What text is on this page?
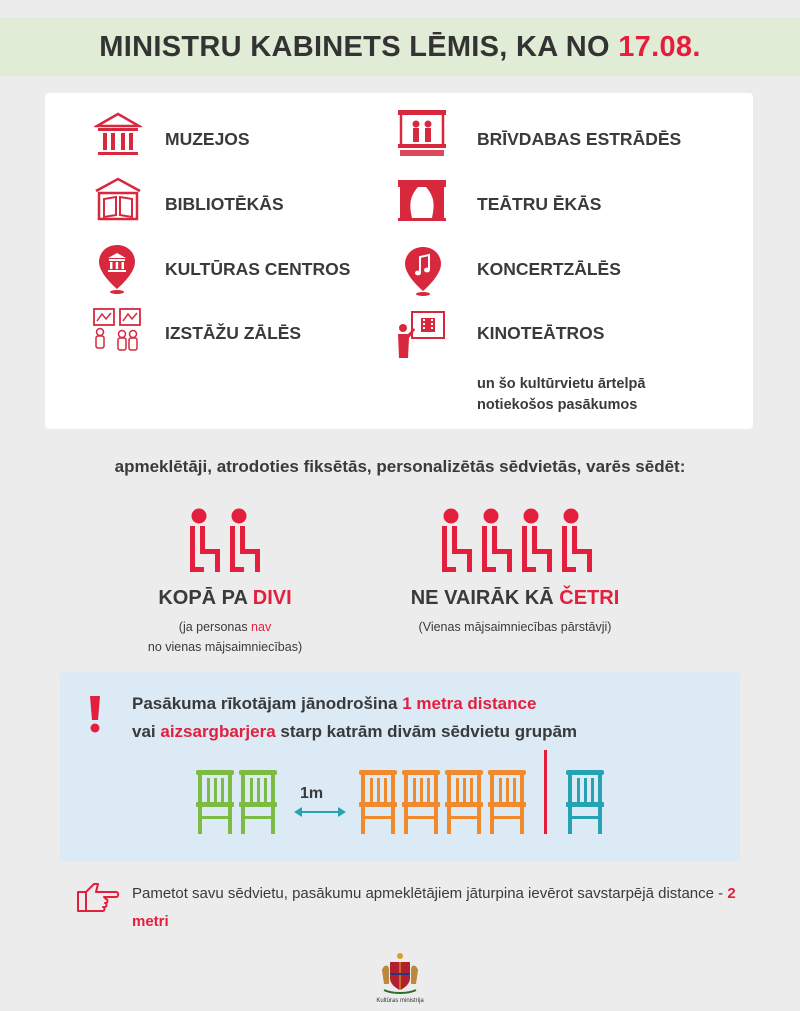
MINISTRU KABINETS LĒMIS, KA NO 17.08.
MUZEJOS
BIBLIOTĒKĀS
KULTŪRAS CENTROS
IZSTĀŽU ZĀLĒS
BRĪVDABAS ESTRĀDĒS
TEĀTRU ĒKĀS
KONCERTZĀLĒS
KINOTEĀTROS
un šo kultūrvietu ārtelpā
notiekošos pasākumos
apmeklētāji, atrodoties fiksētās, personalizētās sēdvietās, varēs sēdēt:
KOPĀ PA DIVI
(ja personas nav
no vienas mājsaimniecības)
NE VAIRĀK KĀ ČETRI
(Vienas mājsaimniecības pārstāvji)
Pasākuma rīkotājam jānodrošina 1 metra distance
vai aizsargbarjera starp katrām divām sēdvietu grupām
1m
Pametot savu sēdvietu, pasākumu apmeklētājiem jāturpina ievērot savstarpējā distance - 2 metri
Kultūras ministrija
